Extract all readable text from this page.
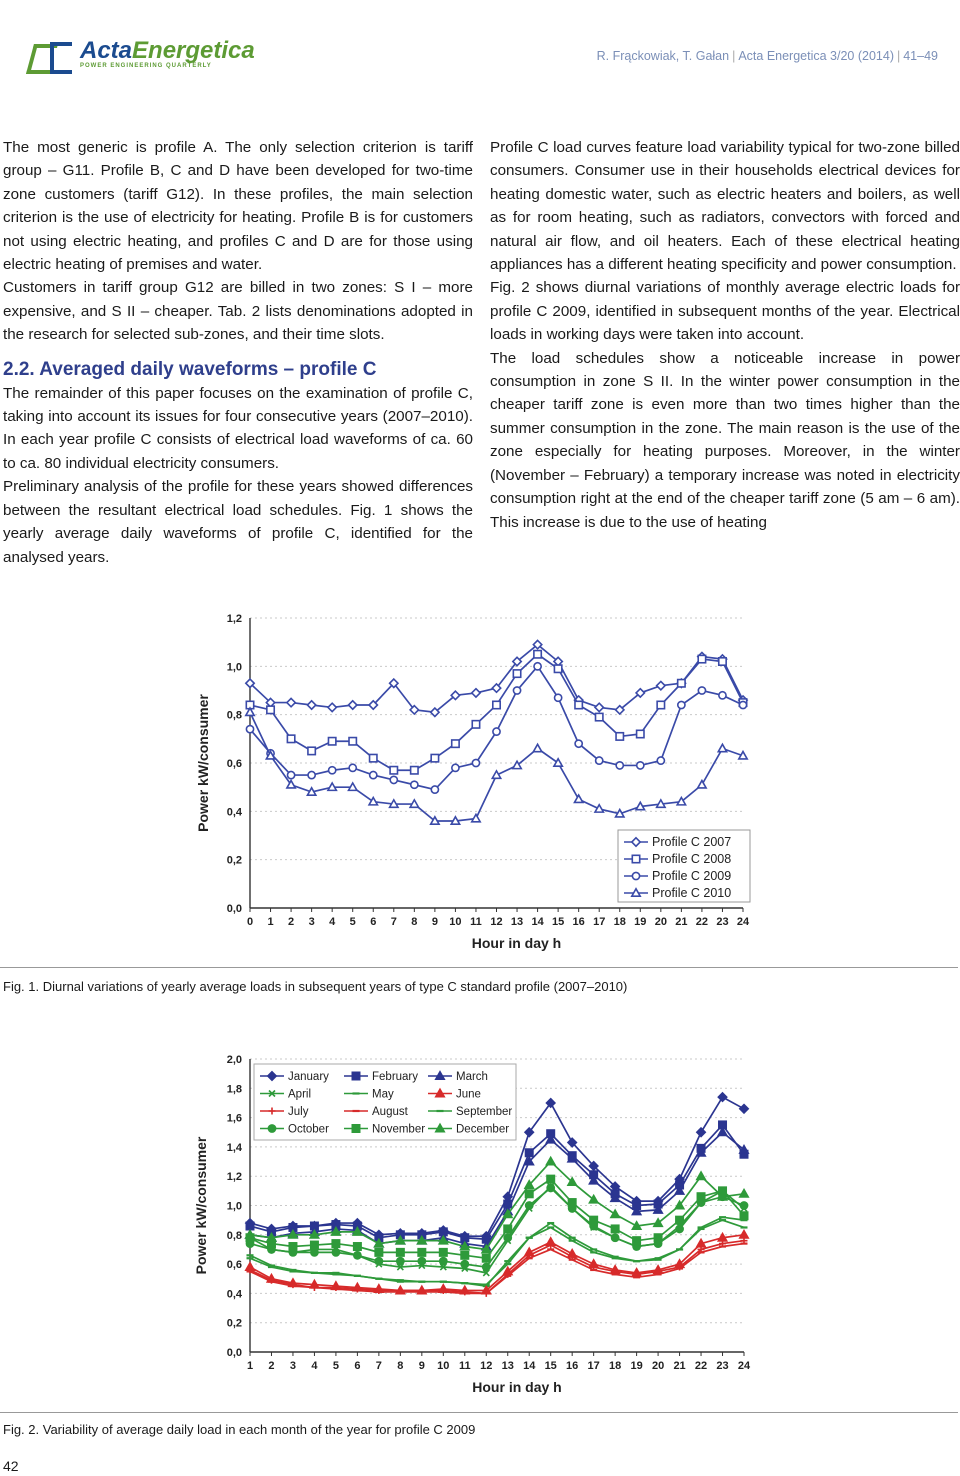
ActaEnergetica
POWER ENGINEERING QUARTERLY
R. Frąckowiak, T. Gałan | Acta Energetica 3/20 (2014) | 41–49

The most generic is profile A. The only selection criterion is tariff group – G11. Profile B, C and D have been developed for two-time zone customers (tariff G12). In these profiles, the main selection criterion is the use of electricity for heating. Profile B is for customers not using electric heating, and profiles C and D are for those using electric heating of premises and water.

Customers in tariff group G12 are billed in two zones: S I – more expensive, and S II – cheaper. Tab. 2 lists denominations adopted in the research for selected sub-zones, and their time slots.

2.2. Averaged daily waveforms – profile C

The remainder of this paper focuses on the examination of profile C, taking into account its issues for four consecutive years (2007–2010). In each year profile C consists of electrical load waveforms of ca. 60 to ca. 80 individual electricity consumers.

Preliminary analysis of the profile for these years showed differences between the resultant electrical load schedules. Fig. 1 shows the yearly average daily waveforms of profile C, identified for the analysed years.

Profile C load curves feature load variability typical for two-zone billed consumers. Consumer use in their households electrical devices for heating domestic water, such as electric heaters and boilers, as well as for room heating, such as radiators, convectors with forced and natural air flow, and oil heaters. Each of these electrical heating appliances has a different heating specificity and power consumption.

Fig. 2 shows diurnal variations of monthly average electric loads for profile C 2009, identified in subsequent months of the year. Electrical loads in working days were taken into account.

The load schedules show a noticeable increase in power consumption in zone S II. In the winter power consumption in the cheaper tariff zone is even more than two times higher than the summer consumption in the zone. The main reason is the use of the zone especially for heating purposes. Moreover, in the winter (November – February) a temporary increase was noted in electricity consumption right at the end of the cheaper tariff zone (5 am – 6 am). This increase is due to the use of heating

0,0
0,2
0,4
0,6
0,8
1,0
1,2
0 1 2 3 4 5 6 7 8 9 10 11 12 13 14 15 16 17 18 19 20 21 22 23 24
Power kW/consumer
Hour in day h
Profile C 2007
Profile C 2008
Profile C 2009
Profile C 2010
Fig. 1. Diurnal variations of yearly average loads in subsequent years of type C standard profile (2007–2010)
0,0
0,2
0,4
0,6
0,8
1,0
1,2
1,4
1,6
1,8
2,0
1 2 3 4 5 6 7 8 9 10 11 12 13 14 15 16 17 18 19 20 21 22 23 24
Power kW/consumer
Hour in day h
January	February	March
April	May	June
July	August	September
October	November	December
Fig. 2. Variability of average daily load in each month of the year for profile C 2009
42
